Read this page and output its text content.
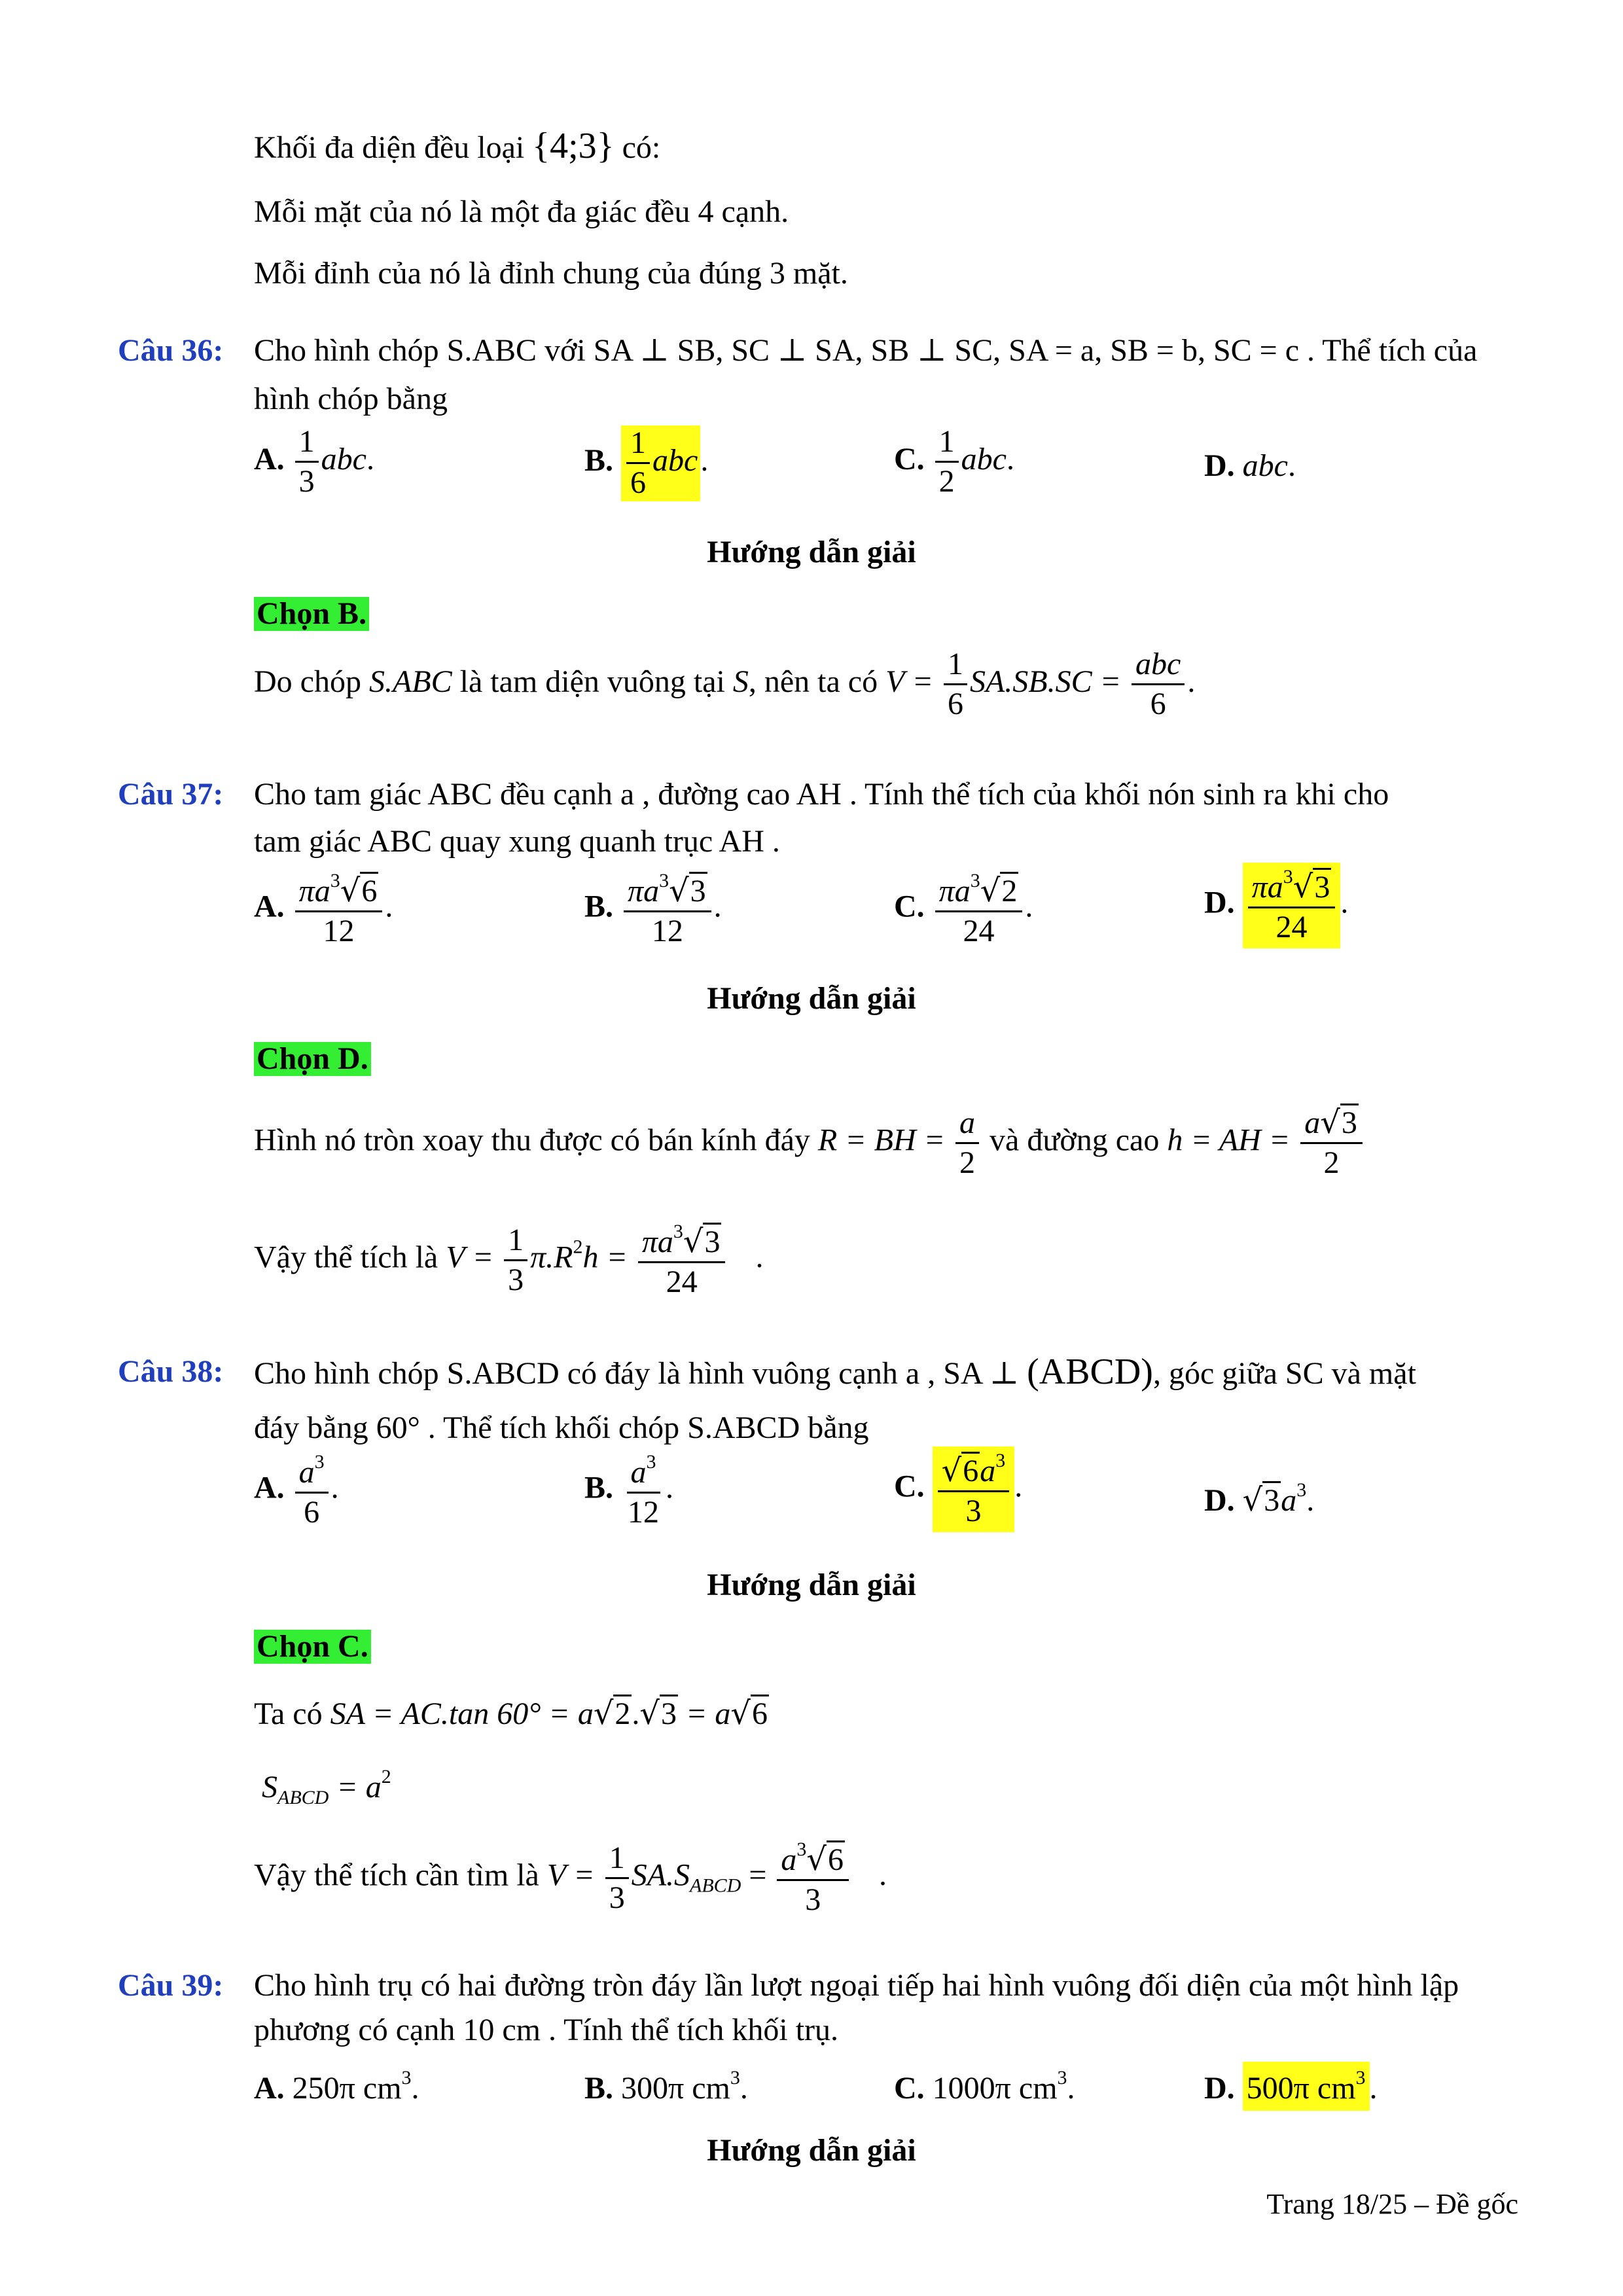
Khối đa diện đều loại {4;3} có:
Mỗi mặt của nó là một đa giác đều 4 cạnh.
Mỗi đỉnh của nó là đỉnh chung của đúng 3 mặt.
Câu 36: Cho hình chóp S.ABC với SA ⊥ SB, SC ⊥ SA, SB ⊥ SC, SA = a, SB = b, SC = c . Thể tích của
hình chóp bằng
A. $\frac{1}{3}$ abc.	B. $\frac{1}{6}$ abc.	C. $\frac{1}{2}$ abc.	D. abc.
Hướng dẫn giải
Chọn B.
Do chóp S.ABC là tam diện vuông tại S, nên ta có $V = \frac{1}{6} SA.SB.SC = \frac{\text{abc}}{6}$ .
Câu 37: Cho tam giác ABC đều cạnh a , đường cao AH . Tính thể tích của khối nón sinh ra khi cho
tam giác ABC quay xung quanh trục AH .
A. $\frac{\pi a^3√6}{12}$ .	B. $\frac{\pi a^3√3}{12}$ .	C. $\frac{\pi a^3√2}{24}$ .	D. $\frac{\pi a^3√3}{24}$ .
Hướng dẫn giải
Chọn D.
Hình nó tròn xoay thu được có bán kính đáy R = BH = $\frac{a}{2}$ và đường cao h = AH = $\frac{a√3}{2}$
Vậy thể tích là $V = \frac{1}{3} \pi.R^2h = \frac{\pi a^3√3}{24}$ .
Câu 38: Cho hình chóp S.ABCD có đáy là hình vuông cạnh a , SA ⊥ (ABCD), góc giữa SC và mặt
đáy bằng 60° . Thể tích khối chóp S.ABCD bằng
A. $\frac{a^3}{6}$ .	B. $\frac{a^3}{12}$ .	C. $\frac{√6a^3}{3}$ .	D. $√3a^3$.
Hướng dẫn giải
Chọn C.
Ta có SA = AC.tan 60° = a√2.√3 = a√6
$S_{ABCD} = a^2$
Vậy thể tích cần tìm là $V = \frac{1}{3} SA.S_{ABCD} = \frac{a^3√6}{3}$ .
Câu 39: Cho hình trụ có hai đường tròn đáy lần lượt ngoại tiếp hai hình vuông đối diện của một hình lập
phương có cạnh 10 cm . Tính thể tích khối trụ.
A. 250π $cm^3$.	B. 300π $cm^3$.	C. 1000π $cm^3$.	D. 500π $cm^3$ .
Hướng dẫn giải
Trang 18/25 – Đề gốc
